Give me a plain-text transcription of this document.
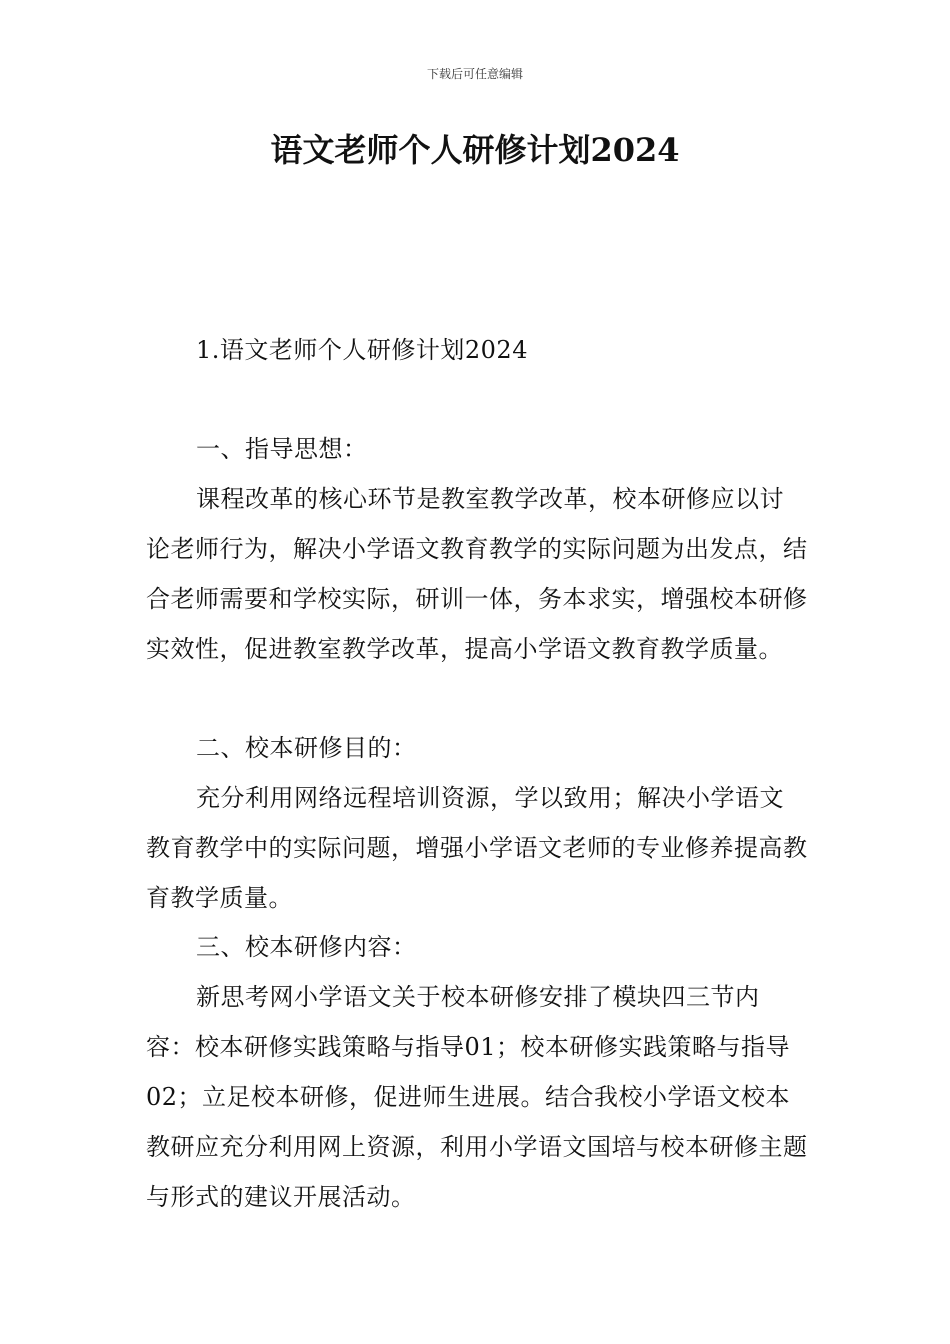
下载后可任意编辑
语文老师个人研修计划2024

1.语文老师个人研修计划2024

一、指导思想：

课程改革的核心环节是教室教学改革，校本研修应以讨论老师行为，解决小学语文教育教学的实际问题为出发点，结合老师需要和学校实际，研训一体，务本求实，增强校本研修实效性，促进教室教学改革，提高小学语文教育教学质量。

二、校本研修目的：

充分利用网络远程培训资源，学以致用；解决小学语文教育教学中的实际问题，增强小学语文老师的专业修养提高教育教学质量。

三、校本研修内容：

新思考网小学语文关于校本研修安排了模块四三节内容：校本研修实践策略与指导01；校本研修实践策略与指导02；立足校本研修，促进师生进展。结合我校小学语文校本教研应充分利用网上资源，利用小学语文国培与校本研修主题与形式的建议开展活动。
